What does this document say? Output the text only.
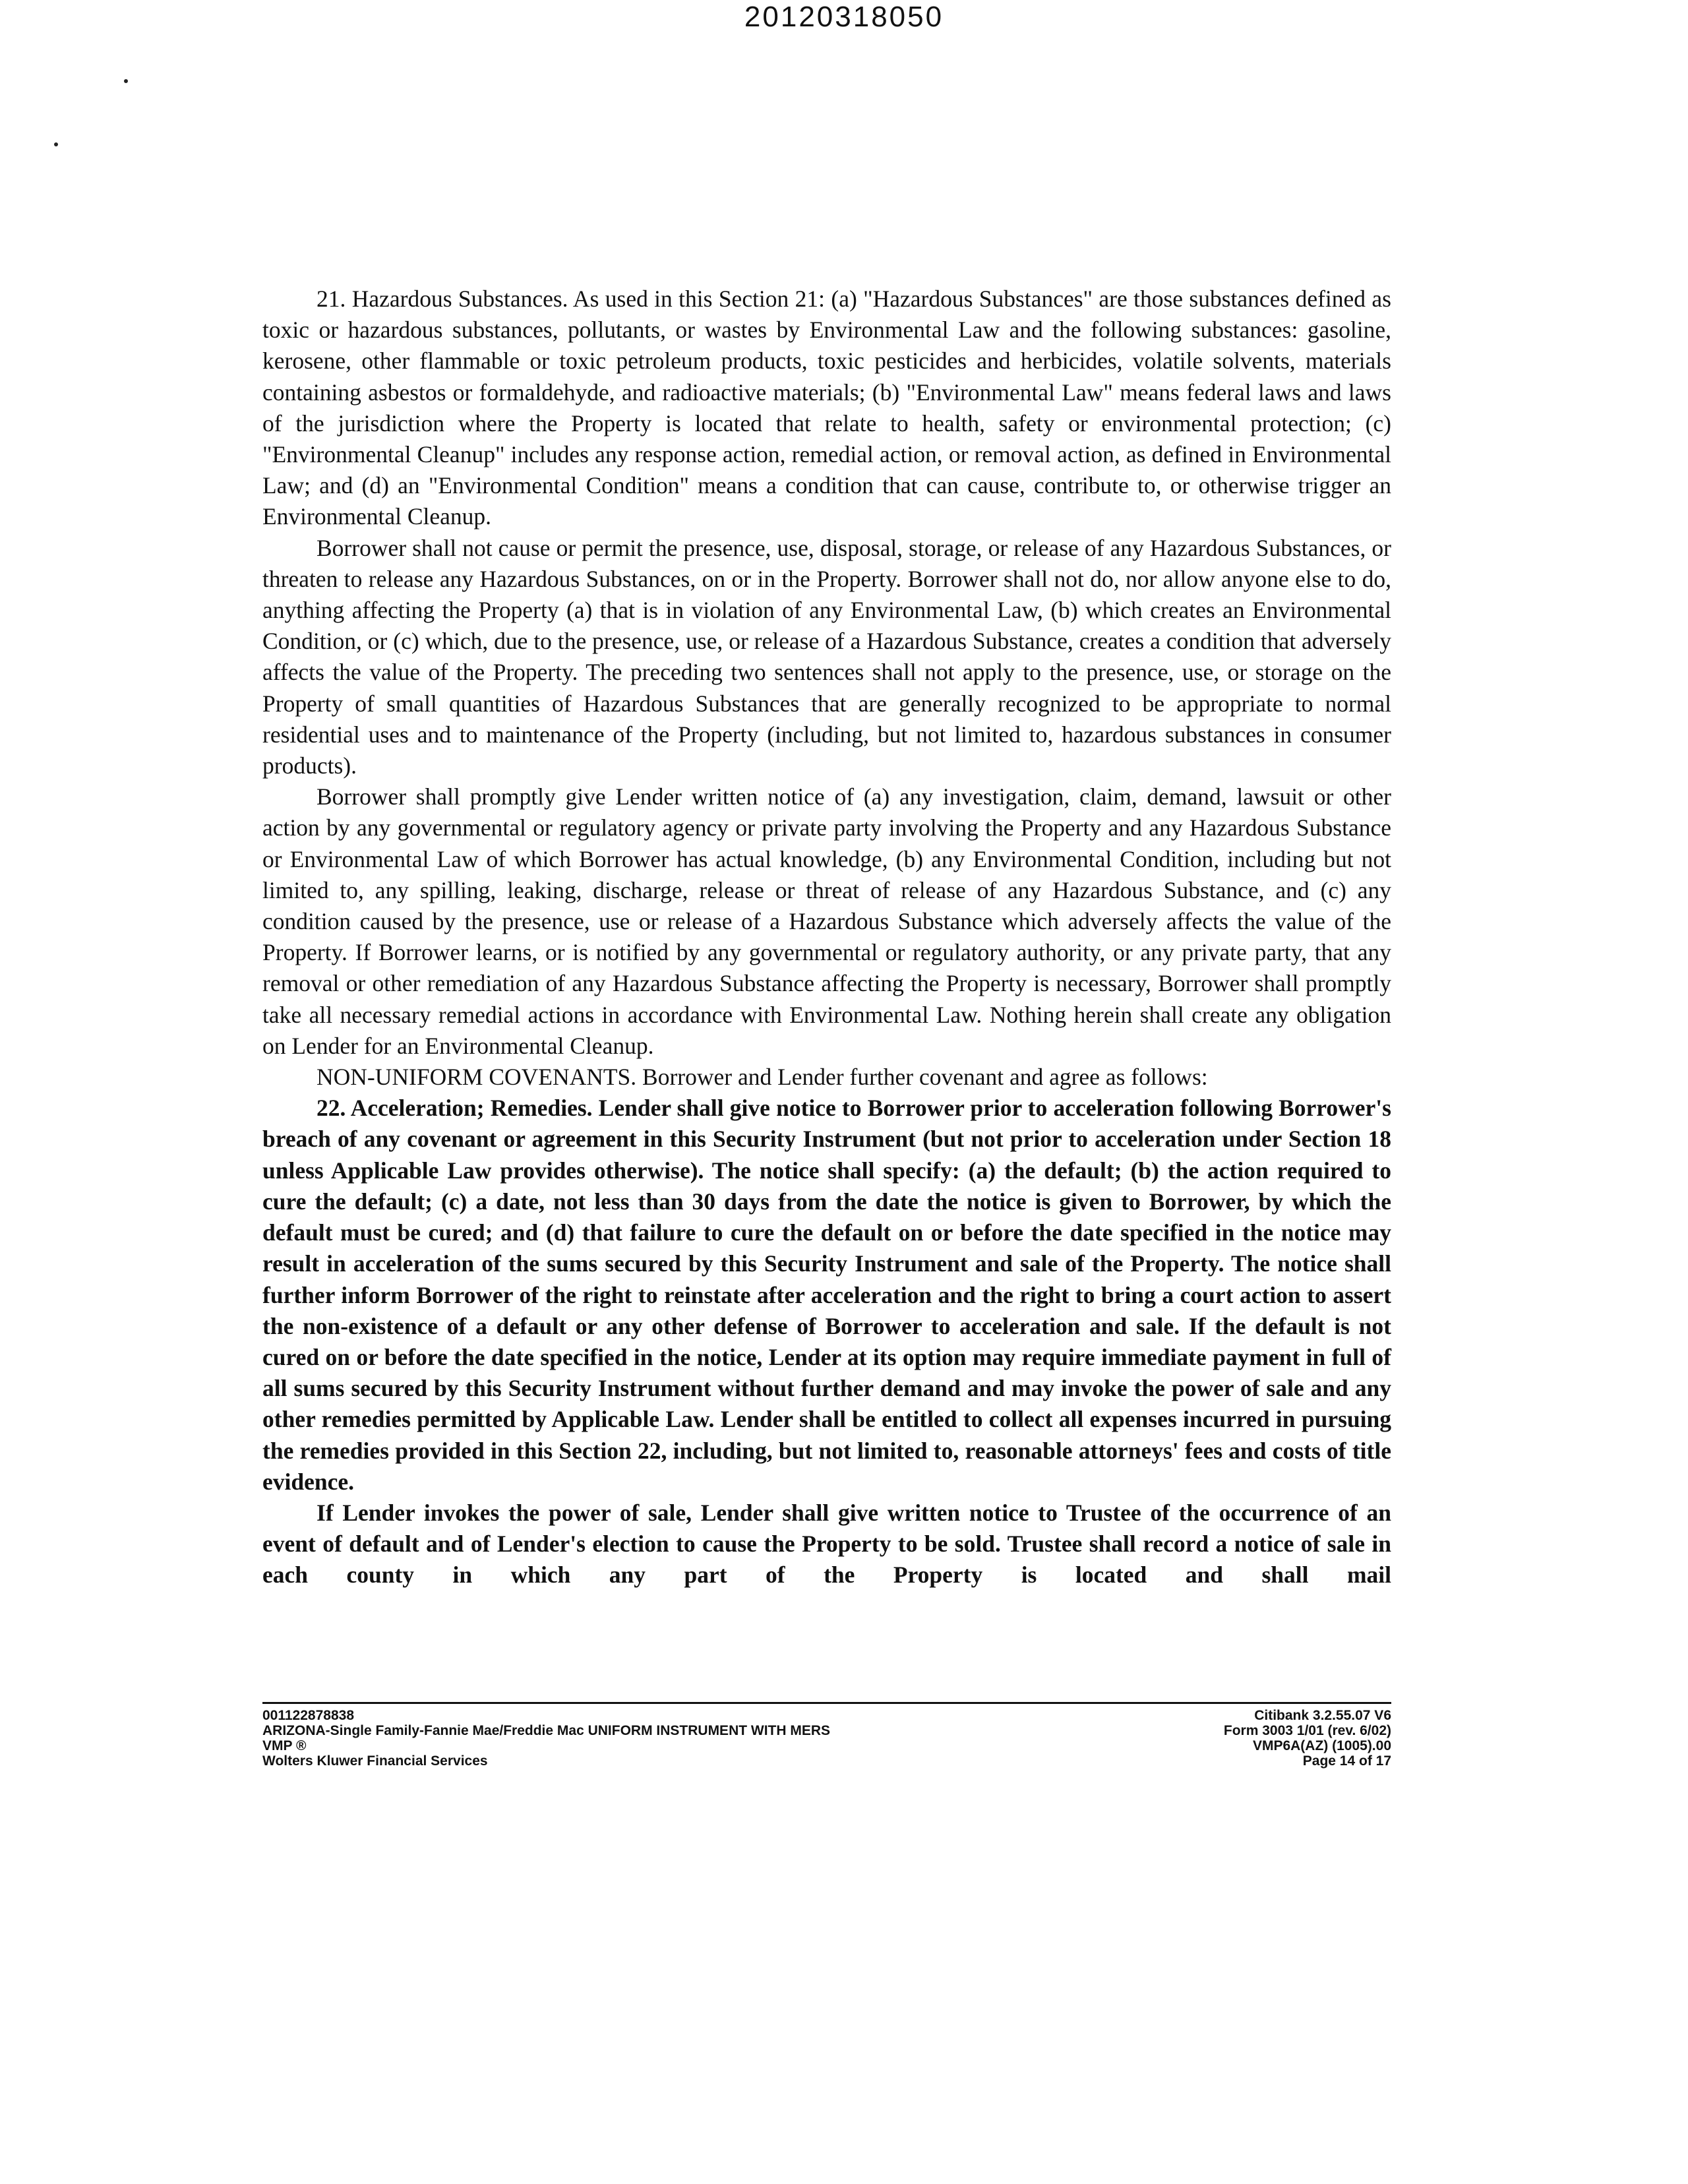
20120318050

21. Hazardous Substances. As used in this Section 21: (a) "Hazardous Substances" are those substances defined as toxic or hazardous substances, pollutants, or wastes by Environmental Law and the following substances: gasoline, kerosene, other flammable or toxic petroleum products, toxic pesticides and herbicides, volatile solvents, materials containing asbestos or formaldehyde, and radioactive materials; (b) "Environmental Law" means federal laws and laws of the jurisdiction where the Property is located that relate to health, safety or environmental protection; (c) "Environmental Cleanup" includes any response action, remedial action, or removal action, as defined in Environmental Law; and (d) an "Environmental Condition" means a condition that can cause, contribute to, or otherwise trigger an Environmental Cleanup.

Borrower shall not cause or permit the presence, use, disposal, storage, or release of any Hazardous Substances, or threaten to release any Hazardous Substances, on or in the Property. Borrower shall not do, nor allow anyone else to do, anything affecting the Property (a) that is in violation of any Environmental Law, (b) which creates an Environmental Condition, or (c) which, due to the presence, use, or release of a Hazardous Substance, creates a condition that adversely affects the value of the Property. The preceding two sentences shall not apply to the presence, use, or storage on the Property of small quantities of Hazardous Substances that are generally recognized to be appropriate to normal residential uses and to maintenance of the Property (including, but not limited to, hazardous substances in consumer products).

Borrower shall promptly give Lender written notice of (a) any investigation, claim, demand, lawsuit or other action by any governmental or regulatory agency or private party involving the Property and any Hazardous Substance or Environmental Law of which Borrower has actual knowledge, (b) any Environmental Condition, including but not limited to, any spilling, leaking, discharge, release or threat of release of any Hazardous Substance, and (c) any condition caused by the presence, use or release of a Hazardous Substance which adversely affects the value of the Property. If Borrower learns, or is notified by any governmental or regulatory authority, or any private party, that any removal or other remediation of any Hazardous Substance affecting the Property is necessary, Borrower shall promptly take all necessary remedial actions in accordance with Environmental Law. Nothing herein shall create any obligation on Lender for an Environmental Cleanup.

NON-UNIFORM COVENANTS. Borrower and Lender further covenant and agree as follows:

22. Acceleration; Remedies. Lender shall give notice to Borrower prior to acceleration following Borrower's breach of any covenant or agreement in this Security Instrument (but not prior to acceleration under Section 18 unless Applicable Law provides otherwise). The notice shall specify: (a) the default; (b) the action required to cure the default; (c) a date, not less than 30 days from the date the notice is given to Borrower, by which the default must be cured; and (d) that failure to cure the default on or before the date specified in the notice may result in acceleration of the sums secured by this Security Instrument and sale of the Property. The notice shall further inform Borrower of the right to reinstate after acceleration and the right to bring a court action to assert the non-existence of a default or any other defense of Borrower to acceleration and sale. If the default is not cured on or before the date specified in the notice, Lender at its option may require immediate payment in full of all sums secured by this Security Instrument without further demand and may invoke the power of sale and any other remedies permitted by Applicable Law. Lender shall be entitled to collect all expenses incurred in pursuing the remedies provided in this Section 22, including, but not limited to, reasonable attorneys' fees and costs of title evidence.

If Lender invokes the power of sale, Lender shall give written notice to Trustee of the occurrence of an event of default and of Lender's election to cause the Property to be sold. Trustee shall record a notice of sale in each county in which any part of the Property is located and shall mail

001122878838
ARIZONA-Single Family-Fannie Mae/Freddie Mac UNIFORM INSTRUMENT WITH MERS
VMP ®
Wolters Kluwer Financial Services
Citibank 3.2.55.07 V6
Form 3003 1/01 (rev. 6/02)
VMP6A(AZ) (1005).00
Page 14 of 17
